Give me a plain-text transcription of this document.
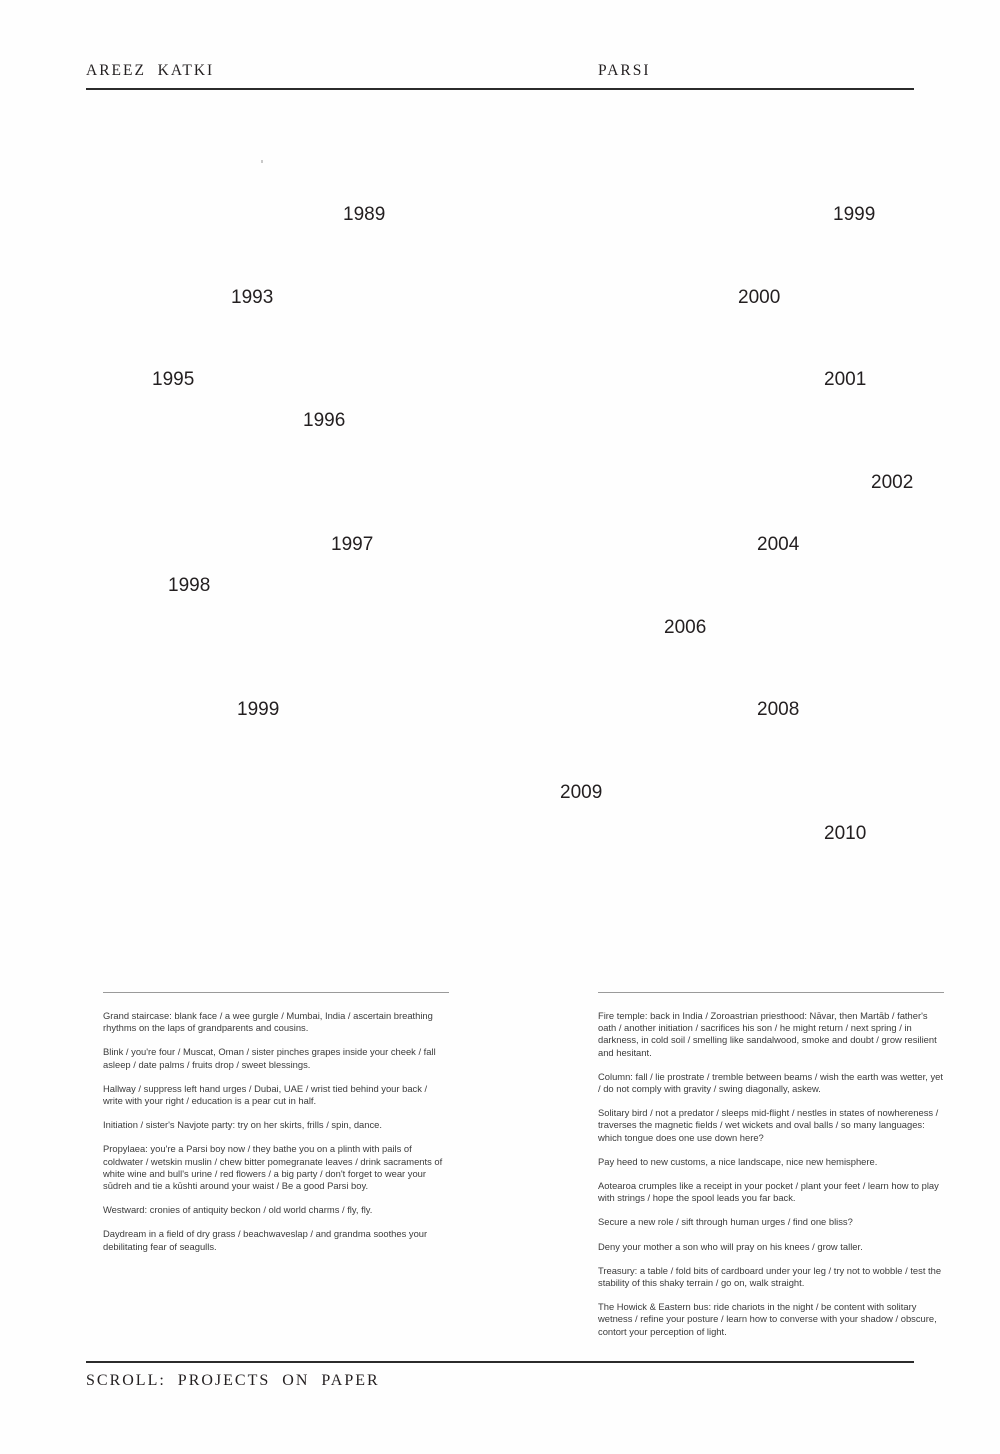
AREEZ  KATKI	PARSI
1989
1993
1995
1996
1997
1998
1999
1999
2000
2001
2002
2004
2006
2008
2009
2010

Grand staircase: blank face / a wee gurgle / Mumbai, India / ascertain breathing rhythms on the laps of grandparents and cousins.

Blink / you're four / Muscat, Oman / sister pinches grapes inside your cheek / fall asleep / date palms / fruits drop / sweet blessings.

Hallway / suppress left hand urges / Dubai, UAE / wrist tied behind your back / write with your right / education is a pear cut in half.

Initiation / sister's Navjote party: try on her skirts, frills / spin, dance.

Propylaea: you're a Parsi boy now / they bathe you on a plinth with pails of coldwater / wetskin muslin / chew bitter pomegranate leaves / drink sacraments of white wine and bull's urine / red flowers / a big party / don't forget to wear your sūdreh and tie a kūshti around your waist / Be a good Parsi boy.

Westward: cronies of antiquity beckon / old world charms / fly, fly.

Daydream in a field of dry grass / beachwaveslap / and grandma soothes your debilitating fear of seagulls.

Fire temple: back in India / Zoroastrian priesthood: Nāvar, then Martāb / father's oath / another initiation / sacrifices his son / he might return / next spring / in darkness, in cold soil / smelling like sandalwood, smoke and doubt / grow resilient and hesitant.

Column: fall / lie prostrate / tremble between beams / wish the earth was wetter, yet / do not comply with gravity / swing diagonally, askew.

Solitary bird / not a predator / sleeps mid-flight / nestles in states of nowhereness / traverses the magnetic fields / wet wickets and oval balls / so many languages: which tongue does one use down here?

Pay heed to new customs, a nice landscape, nice new hemisphere.

Aotearoa crumples like a receipt in your pocket / plant your feet / learn how to play with strings / hope the spool leads you far back.

Secure a new role / sift through human urges / find one bliss?

Deny your mother a son who will pray on his knees / grow taller.

Treasury: a table / fold bits of cardboard under your leg / try not to wobble / test the stability of this shaky terrain / go on, walk straight.

The Howick & Eastern bus: ride chariots in the night / be content with solitary wetness / refine your posture / learn how to converse with your shadow / obscure, contort your perception of light.

SCROLL:  PROJECTS  ON  PAPER
